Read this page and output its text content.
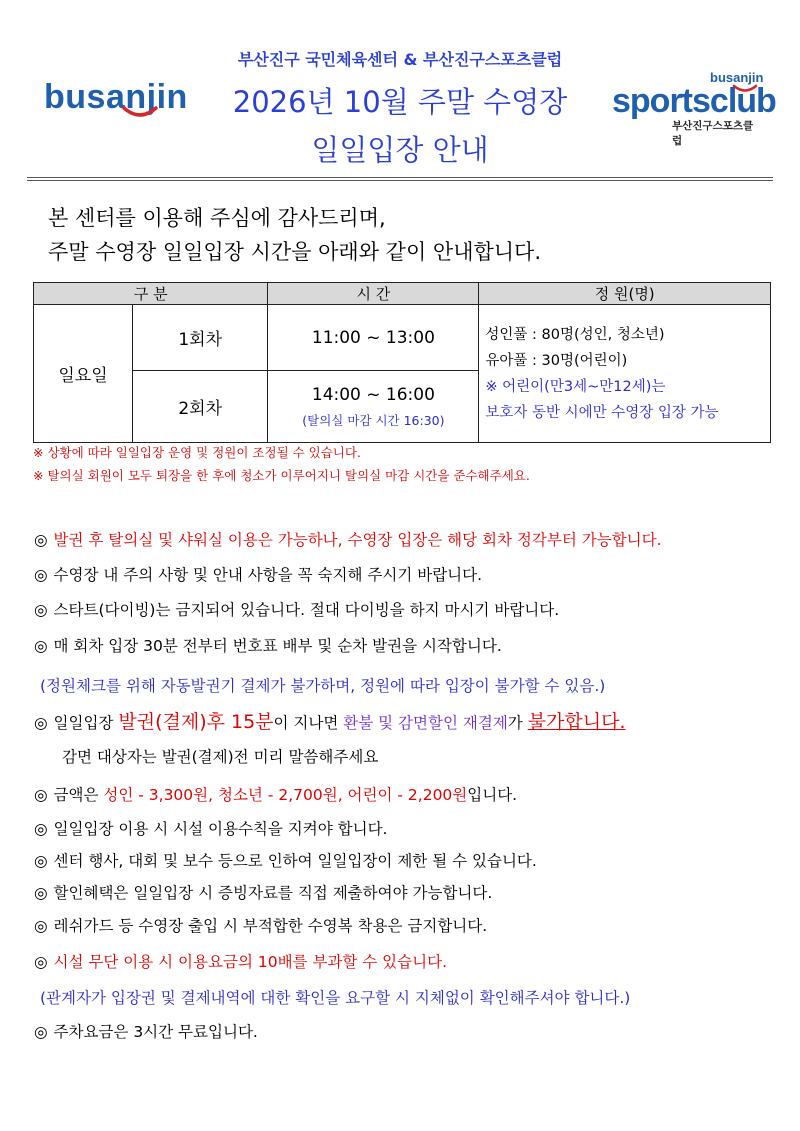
busanjin
부산진구 국민체육센터 & 부산진구스포츠클럽
2026년 10월 주말 수영장
일일입장 안내
busanjin
sportsclub
부산진구스포츠클럽
본 센터를 이용해 주심에 감사드리며,
주말 수영장 일일입장 시간을 아래와 같이 안내합니다.
구 분		시 간	정 원(명)
일요일	1회차	11:00 ~ 13:00	성인풀 : 80명(성인, 청소년)
유아풀 : 30명(어린이)
※ 어린이(만3세~만12세)는
보호자 동반 시에만 수영장 입장 가능

	2회차	14:00 ~ 16:00
(탈의실 마감 시간 16:30)	
※ 상황에 따라 일일입장 운영 및 정원이 조정될 수 있습니다.
※ 탈의실 회원이 모두 퇴장을 한 후에 청소가 이루어지니 탈의실 마감 시간을 준수해주세요.
◎ 발권 후 탈의실 및 샤워실 이용은 가능하나, 수영장 입장은 해당 회차 정각부터 가능합니다.
◎ 수영장 내 주의 사항 및 안내 사항을 꼭 숙지해 주시기 바랍니다.
◎ 스타트(다이빙)는 금지되어 있습니다. 절대 다이빙을 하지 마시기 바랍니다.
◎ 매 회차 입장 30분 전부터 번호표 배부 및 순차 발권을 시작합니다.
(정원체크를 위해 자동발권기 결제가 불가하며, 정원에 따라 입장이 불가할 수 있음.)
◎ 일일입장 발권(결제)후 15분이 지나면 환불 및 감면할인 재결제가 불가합니다.
감면 대상자는 발권(결제)전 미리 말씀해주세요
◎ 금액은 성인 - 3,300원, 청소년 - 2,700원, 어린이 - 2,200원입니다.
◎ 일일입장 이용 시 시설 이용수칙을 지켜야 합니다.
◎ 센터 행사, 대회 및 보수 등으로 인하여 일일입장이 제한 될 수 있습니다.
◎ 할인혜택은 일일입장 시 증빙자료를 직접 제출하여야 가능합니다.
◎ 레쉬가드 등 수영장 출입 시 부적합한 수영복 착용은 금지합니다.
◎ 시설 무단 이용 시 이용요금의 10배를 부과할 수 있습니다.
(관계자가 입장권 및 결제내역에 대한 확인을 요구할 시 지체없이 확인해주셔야 합니다.)
◎ 주차요금은 3시간 무료입니다.
